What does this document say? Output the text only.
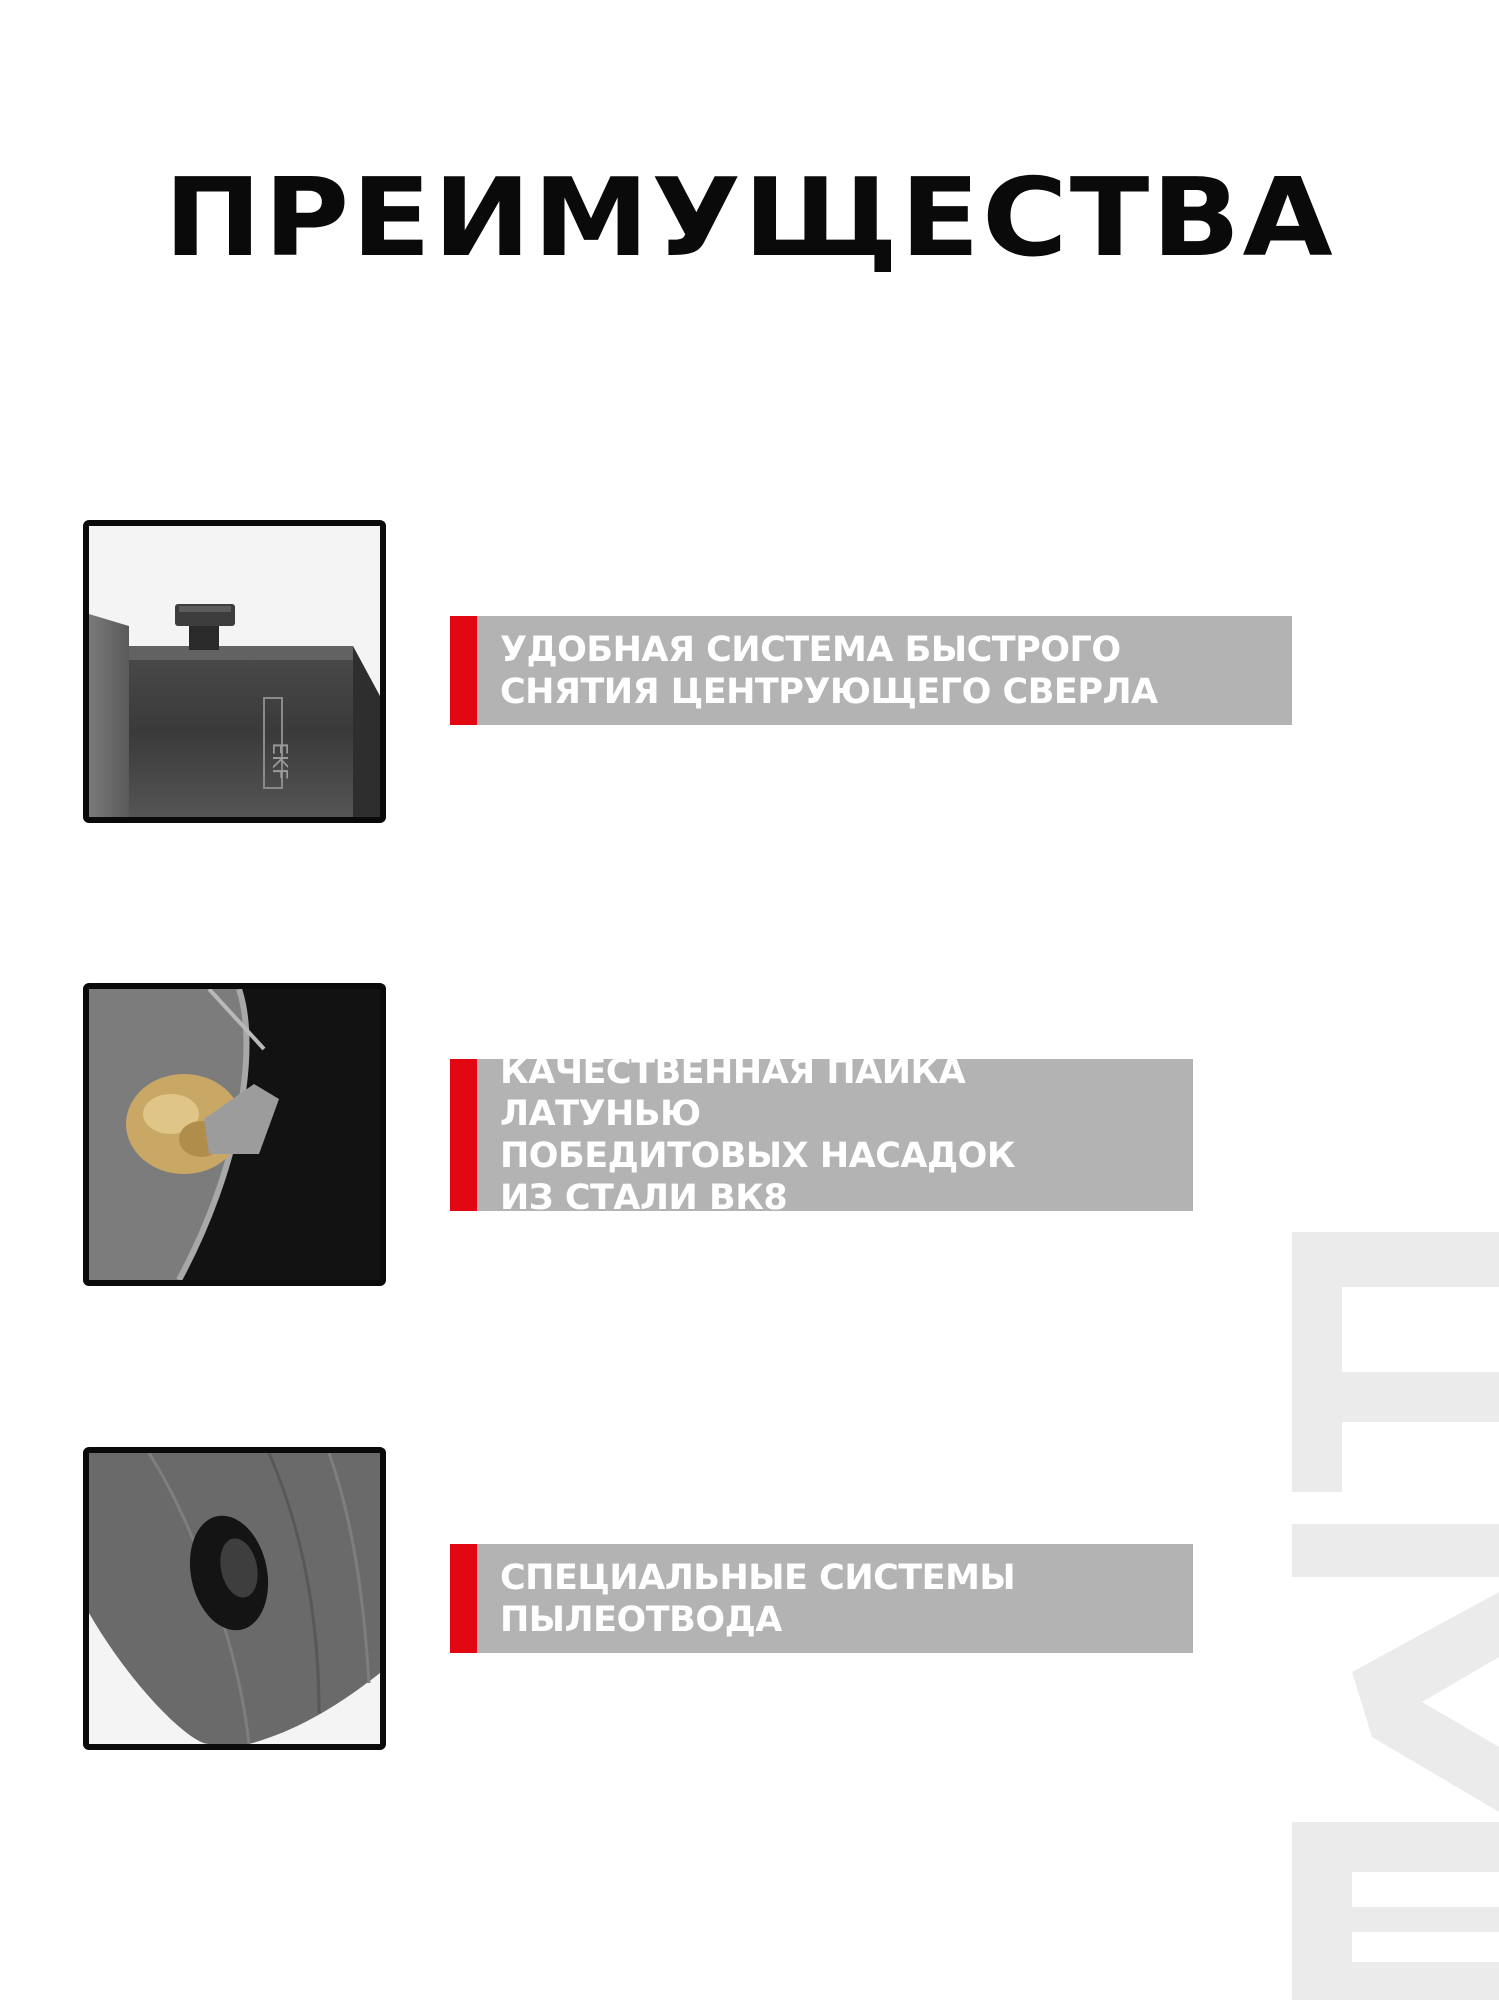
ПРЕИМУЩЕСТВА
EKF
УДОБНАЯ СИСТЕМА БЫСТРОГО
СНЯТИЯ ЦЕНТРУЮЩЕГО СВЕРЛА
КАЧЕСТВЕННАЯ ПАЙКА ЛАТУНЬЮ
ПОБЕДИТОВЫХ НАСАДОК
ИЗ СТАЛИ ВК8
СПЕЦИАЛЬНЫЕ СИСТЕМЫ
ПЫЛЕОТВОДА
